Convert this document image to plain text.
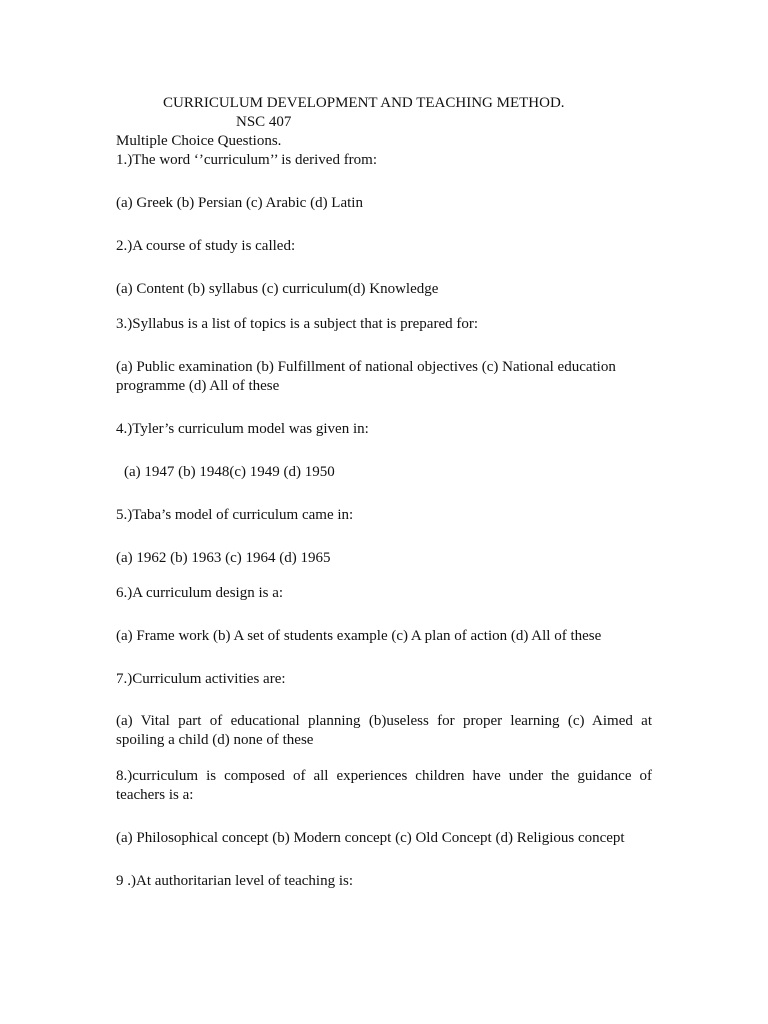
CURRICULUM DEVELOPMENT AND TEACHING METHOD.
NSC 407
Multiple Choice Questions.
1.)The word ‘’curriculum’’ is derived from:
(a) Greek (b) Persian (c) Arabic (d) Latin
2.)A course of study is called:
(a) Content (b) syllabus (c) curriculum(d) Knowledge
3.)Syllabus is a list of topics is a subject that is prepared for:
(a) Public examination (b) Fulfillment of national objectives (c) National education
programme (d) All of these
4.)Tyler’s curriculum model was given in:
(a) 1947 (b) 1948(c) 1949 (d) 1950
5.)Taba’s model of curriculum came in:
(a) 1962 (b) 1963 (c) 1964 (d) 1965
6.)A curriculum design is a:
(a) Frame work (b) A set of students example (c) A plan of action (d) All of these
7.)Curriculum activities are:
(a) Vital part of educational planning (b)useless for proper learning (c) Aimed at
spoiling a child (d) none of these
8.)curriculum is composed of all experiences children have under the guidance of
teachers is a:
(a) Philosophical concept (b) Modern concept (c) Old Concept (d) Religious concept
9 .)At authoritarian level of teaching is:
